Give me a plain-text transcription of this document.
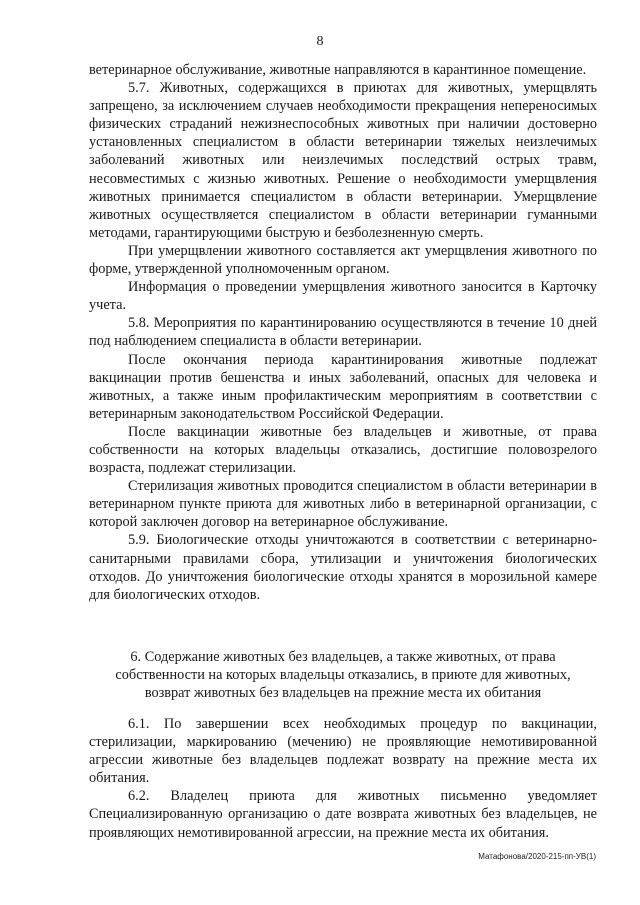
8

ветеринарное обслуживание, животные направляются в карантинное помещение.

5.7. Животных, содержащихся в приютах для животных, умерщвлять запрещено, за исключением случаев необходимости прекращения непереносимых физических страданий нежизнеспособных животных при наличии достоверно установленных специалистом в области ветеринарии тяжелых неизлечимых заболеваний животных или неизлечимых последствий острых травм, несовместимых с жизнью животных. Решение о необходимости умерщвления животных принимается специалистом в области ветеринарии. Умерщвление животных осуществляется специалистом в области ветеринарии гуманными методами, гарантирующими быструю и безболезненную смерть.

При умерщвлении животного составляется акт умерщвления животного по форме, утвержденной уполномоченным органом.

Информация о проведении умерщвления животного заносится в Карточку учета.

5.8. Мероприятия по карантинированию осуществляются в течение 10 дней под наблюдением специалиста в области ветеринарии.

После окончания периода карантинирования животные подлежат вакцинации против бешенства и иных заболеваний, опасных для человека и животных, а также иным профилактическим мероприятиям в соответствии с ветеринарным законодательством Российской Федерации.

После вакцинации животные без владельцев и животные, от права собственности на которых владельцы отказались, достигшие половозрелого возраста, подлежат стерилизации.

Стерилизация животных проводится специалистом в области ветеринарии в ветеринарном пункте приюта для животных либо в ветеринарной организации, с которой заключен договор на ветеринарное обслуживание.

5.9. Биологические отходы уничтожаются в соответствии с ветеринарно-санитарными правилами сбора, утилизации и уничтожения биологических отходов. До уничтожения биологические отходы хранятся в морозильной камере для биологических отходов.

6. Содержание животных без владельцев, а также животных, от права
собственности на которых владельцы отказались, в приюте для животных,
возврат животных без владельцев на прежние места их обитания

6.1. По завершении всех необходимых процедур по вакцинации, стерилизации, маркированию (мечению) не проявляющие немотивированной агрессии животные без владельцев подлежат возврату на прежние места их обитания.

6.2. Владелец приюта для животных письменно уведомляет Специализированную организацию о дате возврата животных без владельцев, не проявляющих немотивированной агрессии, на прежние места их обитания.

Матафонова/2020-215-пп-УВ(1)
